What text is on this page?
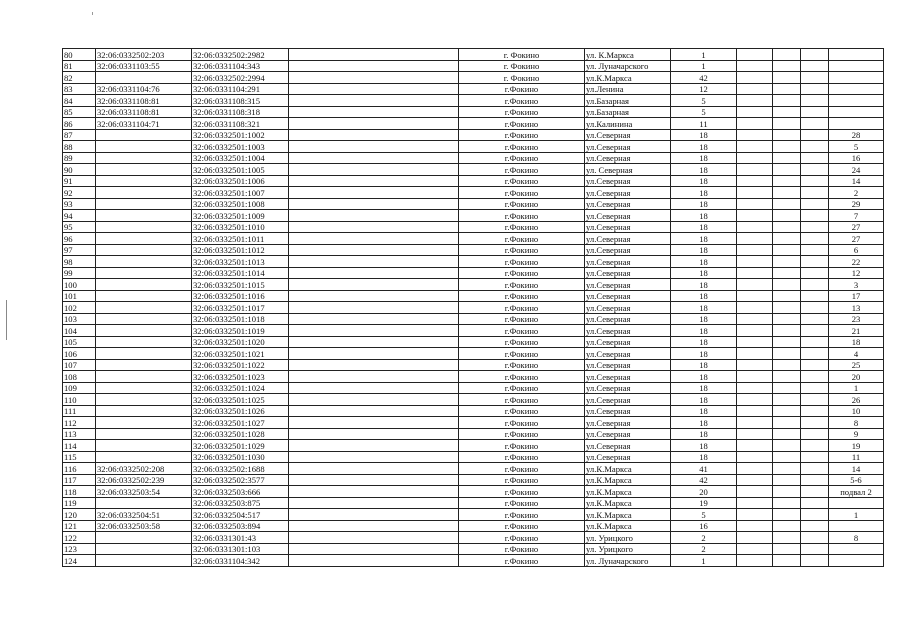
80	32:06:0332502:203	32:06:0332502:2982		г. Фокино	ул. К.Маркса	1				
81	32:06:0331103:55	32:06:0331104:343		г. Фокино	ул. Луначарского	1				
82		32:06:0332502:2994		г. Фокино	ул.К.Маркса	42				
83	32:06:0331104:76	32:06:0331104:291		г.Фокино	ул.Ленина	12				
84	32:06:0331108:81	32:06:0331108:315		г.Фокино	ул.Базарная	5				
85	32:06:0331108:81	32:06:0331108:318		г.Фокино	ул.Базарная	5				
86	32:06:0331104:71	32:06:0331108:321		г.Фокино	ул.Калинина	11				
87		32:06:0332501:1002		г.Фокино	ул.Северная	18				28
88		32:06:0332501:1003		г.Фокино	ул.Северная	18				5
89		32:06:0332501:1004		г.Фокино	ул.Северная	18				16
90		32:06:0332501:1005		г.Фокино	ул. Северная	18				24
91		32:06:0332501:1006		г.Фокино	ул.Северная	18				14
92		32:06:0332501:1007		г.Фокино	ул.Северная	18				2
93		32:06:0332501:1008		г.Фокино	ул.Северная	18				29
94		32:06:0332501:1009		г.Фокино	ул.Северная	18				7
95		32:06:0332501:1010		г.Фокино	ул.Северная	18				27
96		32:06:0332501:1011		г.Фокино	ул.Северная	18				27
97		32:06:0332501:1012		г.Фокино	ул.Северная	18				6
98		32:06:0332501:1013		г.Фокино	ул.Северная	18				22
99		32:06:0332501:1014		г.Фокино	ул.Северная	18				12
100		32:06:0332501:1015		г.Фокино	ул.Северная	18				3
101		32:06:0332501:1016		г.Фокино	ул.Северная	18				17
102		32:06:0332501:1017		г.Фокино	ул.Северная	18				13
103		32:06:0332501:1018		г.Фокино	ул.Северная	18				23
104		32:06:0332501:1019		г.Фокино	ул.Северная	18				21
105		32:06:0332501:1020		г.Фокино	ул.Северная	18				18
106		32:06:0332501:1021		г.Фокино	ул.Северная	18				4
107		32:06:0332501:1022		г.Фокино	ул.Северная	18				25
108		32:06:0332501:1023		г.Фокино	ул.Северная	18				20
109		32:06:0332501:1024		г.Фокино	ул.Северная	18				1
110		32:06:0332501:1025		г.Фокино	ул.Северная	18				26
111		32:06:0332501:1026		г.Фокино	ул.Северная	18				10
112		32:06:0332501:1027		г.Фокино	ул.Северная	18				8
113		32:06:0332501:1028		г.Фокино	ул.Северная	18				9
114		32:06:0332501:1029		г.Фокино	ул.Северная	18				19
115		32:06:0332501:1030		г.Фокино	ул.Северная	18				11
116	32:06:0332502:208	32:06:0332502:1688		г.Фокино	ул.К.Маркса	41				14
117	32:06:0332502:239	32:06:0332502:3577		г.Фокино	ул.К.Маркса	42				5-6
118	32:06:0332503:54	32:06:0332503:666		г.Фокино	ул.К.Маркса	20				подвал 2
119		32:06:0332503:875		г.Фокино	ул.К.Маркса	19				
120	32:06:0332504:51	32:06:0332504:517		г.Фокино	ул.К.Маркса	5				1
121	32:06:0332503:58	32:06:0332503:894		г.Фокино	ул.К.Маркса	16				
122		32:06:0331301:43		г.Фокино	ул. Урицкого	2				8
123		32:06:0331301:103		г.Фокино	ул. Урицкого	2				
124		32:06:0331104:342		г.Фокино	ул. Луначарского	1				
